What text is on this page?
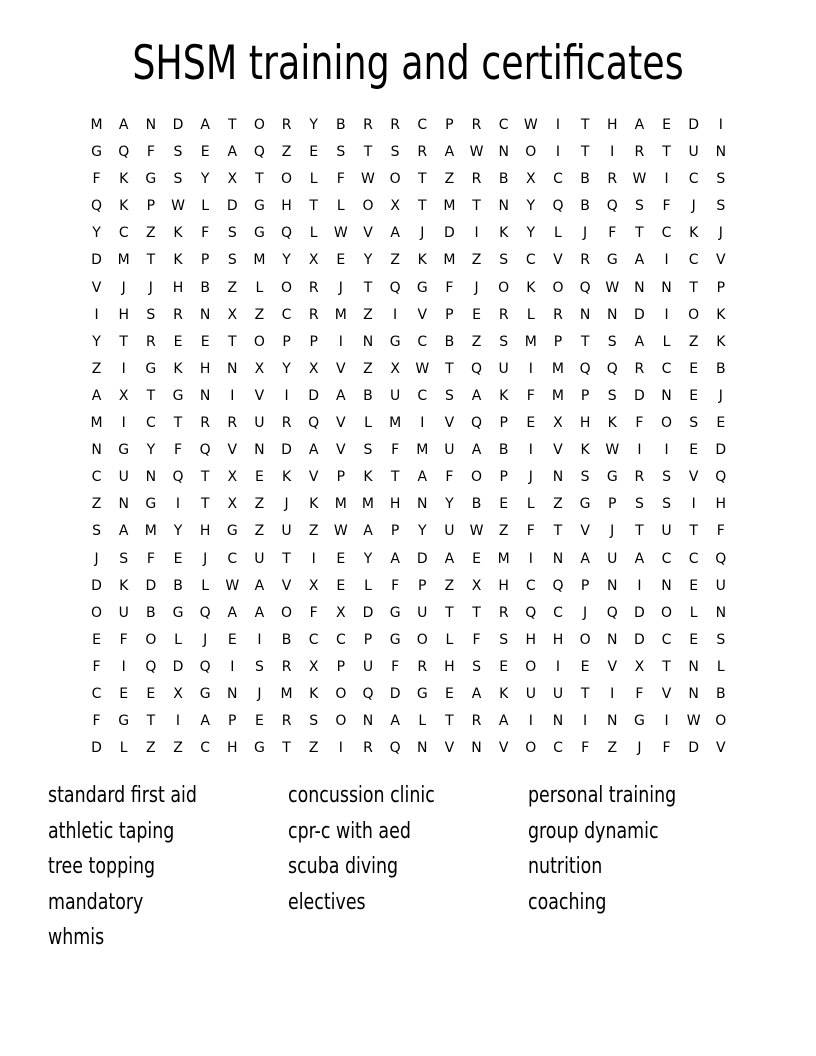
SHSM training and certificates
M	A	N	D	A	T	O	R	Y	B	R	R	C	P	R	C	W	I	T	H	A	E	D	I
G	Q	F	S	E	A	Q	Z	E	S	T	S	R	A	W	N	O	I	T	I	R	T	U	N
F	K	G	S	Y	X	T	O	L	F	W	O	T	Z	R	B	X	C	B	R	W	I	C	S
Q	K	P	W	L	D	G	H	T	L	O	X	T	M	T	N	Y	Q	B	Q	S	F	J	S
Y	C	Z	K	F	S	G	Q	L	W	V	A	J	D	I	K	Y	L	J	F	T	C	K	J
D	M	T	K	P	S	M	Y	X	E	Y	Z	K	M	Z	S	C	V	R	G	A	I	C	V
V	J	J	H	B	Z	L	O	R	J	T	Q	G	F	J	O	K	O	Q	W	N	N	T	P
I	H	S	R	N	X	Z	C	R	M	Z	I	V	P	E	R	L	R	N	N	D	I	O	K
Y	T	R	E	E	T	O	P	P	I	N	G	C	B	Z	S	M	P	T	S	A	L	Z	K
Z	I	G	K	H	N	X	Y	X	V	Z	X	W	T	Q	U	I	M	Q	Q	R	C	E	B
A	X	T	G	N	I	V	I	D	A	B	U	C	S	A	K	F	M	P	S	D	N	E	J
M	I	C	T	R	R	U	R	Q	V	L	M	I	V	Q	P	E	X	H	K	F	O	S	E
N	G	Y	F	Q	V	N	D	A	V	S	F	M	U	A	B	I	V	K	W	I	I	E	D
C	U	N	Q	T	X	E	K	V	P	K	T	A	F	O	P	J	N	S	G	R	S	V	Q
Z	N	G	I	T	X	Z	J	K	M	M	H	N	Y	B	E	L	Z	G	P	S	S	I	H
S	A	M	Y	H	G	Z	U	Z	W	A	P	Y	U	W	Z	F	T	V	J	T	U	T	F
J	S	F	E	J	C	U	T	I	E	Y	A	D	A	E	M	I	N	A	U	A	C	C	Q
D	K	D	B	L	W	A	V	X	E	L	F	P	Z	X	H	C	Q	P	N	I	N	E	U
O	U	B	G	Q	A	A	O	F	X	D	G	U	T	T	R	Q	C	J	Q	D	O	L	N
E	F	O	L	J	E	I	B	C	C	P	G	O	L	F	S	H	H	O	N	D	C	E	S
F	I	Q	D	Q	I	S	R	X	P	U	F	R	H	S	E	O	I	E	V	X	T	N	L
C	E	E	X	G	N	J	M	K	O	Q	D	G	E	A	K	U	U	T	I	F	V	N	B
F	G	T	I	A	P	E	R	S	O	N	A	L	T	R	A	I	N	I	N	G	I	W	O
D	L	Z	Z	C	H	G	T	Z	I	R	Q	N	V	N	V	O	C	F	Z	J	F	D	V
standard first aid	concussion clinic	personal training
athletic taping	cpr-c with aed	group dynamic
tree topping	scuba diving	nutrition
mandatory	electives	coaching
whmis
